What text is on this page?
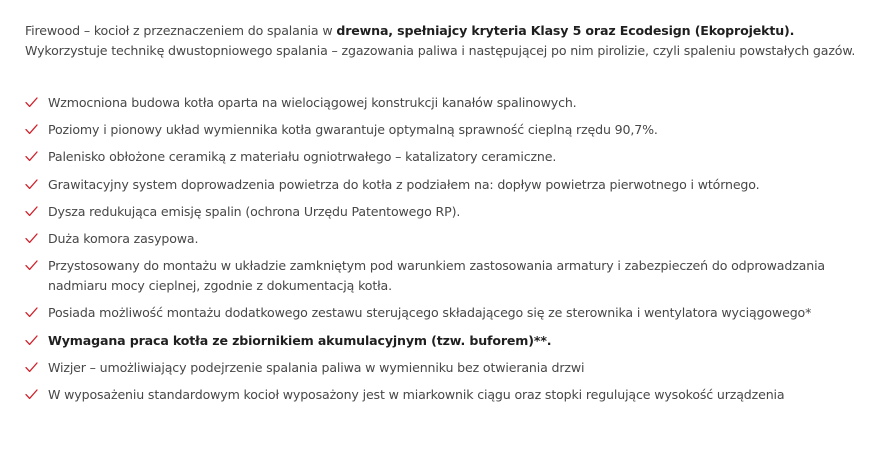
Firewood – kocioł z przeznaczeniem do spalania w drewna, spełniajcy kryteria Klasy 5 oraz Ecodesign (Ekoprojektu). Wykorzystuje technikę dwustopniowego spalania – zgazowania paliwa i następującej po nim pirolizie, czyli spaleniu powstałych gazów.

Wzmocniona budowa kotła oparta na wielociągowej konstrukcji kanałów spalinowych.
Poziomy i pionowy układ wymiennika kotła gwarantuje optymalną sprawność cieplną rzędu 90,7%.
Palenisko obłożone ceramiką z materiału ogniotrwałego – katalizatory ceramiczne.
Grawitacyjny system doprowadzenia powietrza do kotła z podziałem na: dopływ powietrza pierwotnego i wtórnego.
Dysza redukująca emisję spalin (ochrona Urzędu Patentowego RP).
Duża komora zasypowa.
Przystosowany do montażu w układzie zamkniętym pod warunkiem zastosowania armatury i zabezpieczeń do odprowadzania nadmiaru mocy cieplnej, zgodnie z dokumentacją kotła.
Posiada możliwość montażu dodatkowego zestawu sterującego składającego się ze sterownika i wentylatora wyciągowego*
Wymagana praca kotła ze zbiornikiem akumulacyjnym (tzw. buforem)**.
Wizjer – umożliwiający podejrzenie spalania paliwa w wymienniku bez otwierania drzwi
W wyposażeniu standardowym kocioł wyposażony jest w miarkownik ciągu oraz stopki regulujące wysokość urządzenia
